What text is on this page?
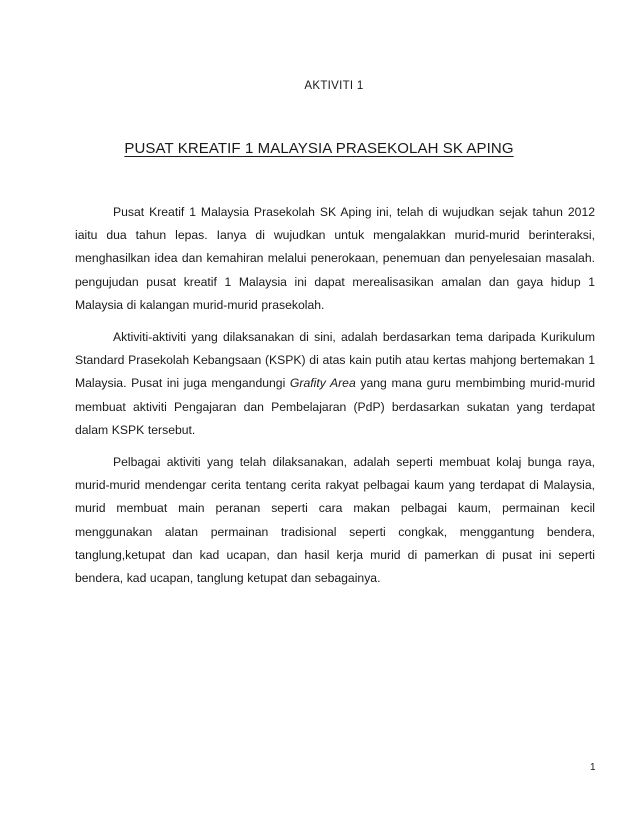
AKTIVITI 1
PUSAT KREATIF 1 MALAYSIA PRASEKOLAH SK APING

Pusat Kreatif 1 Malaysia Prasekolah SK Aping ini, telah di wujudkan sejak tahun 2012 iaitu dua tahun lepas. Ianya di wujudkan untuk mengalakkan murid-murid berinteraksi, menghasilkan idea dan kemahiran melalui penerokaan, penemuan dan penyelesaian masalah. pengujudan pusat kreatif 1 Malaysia ini dapat merealisasikan amalan dan gaya hidup 1 Malaysia di kalangan murid-murid prasekolah.

Aktiviti-aktiviti yang dilaksanakan di sini, adalah berdasarkan tema daripada Kurikulum Standard Prasekolah Kebangsaan (KSPK) di atas kain putih atau kertas mahjong bertemakan 1 Malaysia. Pusat ini juga mengandungi Grafity Area yang mana guru membimbing murid-murid membuat aktiviti Pengajaran dan Pembelajaran (PdP) berdasarkan sukatan yang terdapat dalam KSPK tersebut.

Pelbagai aktiviti yang telah dilaksanakan, adalah seperti membuat kolaj bunga raya, murid-murid mendengar cerita tentang cerita rakyat pelbagai kaum yang terdapat di Malaysia, murid membuat main peranan seperti cara makan pelbagai kaum, permainan kecil menggunakan alatan permainan tradisional seperti congkak, menggantung bendera, tanglung,ketupat dan kad ucapan, dan hasil kerja murid di pamerkan di pusat ini seperti bendera, kad ucapan, tanglung ketupat dan sebagainya.

1
